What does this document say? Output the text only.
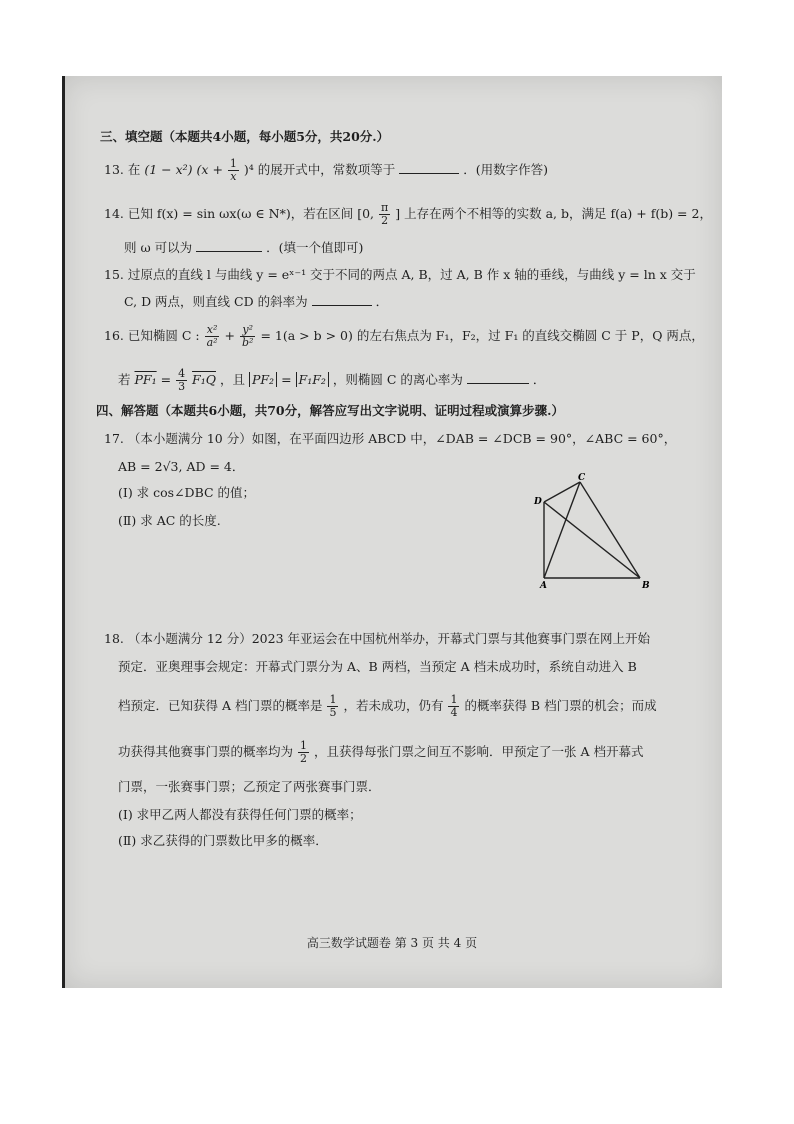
三、填空题（本题共4小题，每小题5分，共20分.）
13. 在 (1 − x²) $(x + \frac{1}{x} )^4$ 的展开式中，常数项等于	．(用数字作答)
14. 已知 f(x) = sin ωx(ω ∈ N*)，若在区间 [0, $\frac{\pi}{2}$ ] 上存在两个不相等的实数 a, b，满足 f(a) + f(b) = 2，
则 ω 可以为	．(填一个值即可)
15. 过原点的直线 l 与曲线 y = eˣ⁻¹ 交于不同的两点 A, B，过 A, B 作 x 轴的垂线，与曲线 y = ln x 交于
C, D 两点，则直线 CD 的斜率为	．
16. 已知椭圆 C : $\frac{\text{x²}}{\text{a²}} + \frac{\text{y²}}{\text{b²}} = 1(a > b > 0)$ 的左右焦点为 F₁，F₂，过 F₁ 的直线交椭圆 C 于 P，Q 两点，
若 $PF_1 = \frac{4}{3} F_1Q$ ，且 PF₂ = F₁F₂ ，则椭圆 C 的离心率为	．
四、解答题（本题共6小题，共70分，解答应写出文字说明、证明过程或演算步骤.）
17. （本小题满分 10 分）如图，在平面四边形 ABCD 中，∠DAB = ∠DCB = 90°，∠ABC = 60°，
AB = 2√3, AD = 4．
(Ⅰ) 求 cos∠DBC 的值；
(Ⅱ) 求 AC 的长度.
A	B
C
D
18. （本小题满分 12 分）2023 年亚运会在中国杭州举办，开幕式门票与其他赛事门票在网上开始
预定．亚奥理事会规定：开幕式门票分为 A、B 两档，当预定 A 档未成功时，系统自动进入 B
档预定．已知获得 A 档门票的概率是 $\frac{1}{5}$ ，若未成功，仍有 $\frac{1}{4}$ 的概率获得 B 档门票的机会；而成
功获得其他赛事门票的概率均为 $\frac{1}{2}$ ，且获得每张门票之间互不影响．甲预定了一张 A 档开幕式
门票，一张赛事门票；乙预定了两张赛事门票．
(Ⅰ) 求甲乙两人都没有获得任何门票的概率；
(Ⅱ) 求乙获得的门票数比甲多的概率．
高三数学试题卷 第 3 页 共 4 页
